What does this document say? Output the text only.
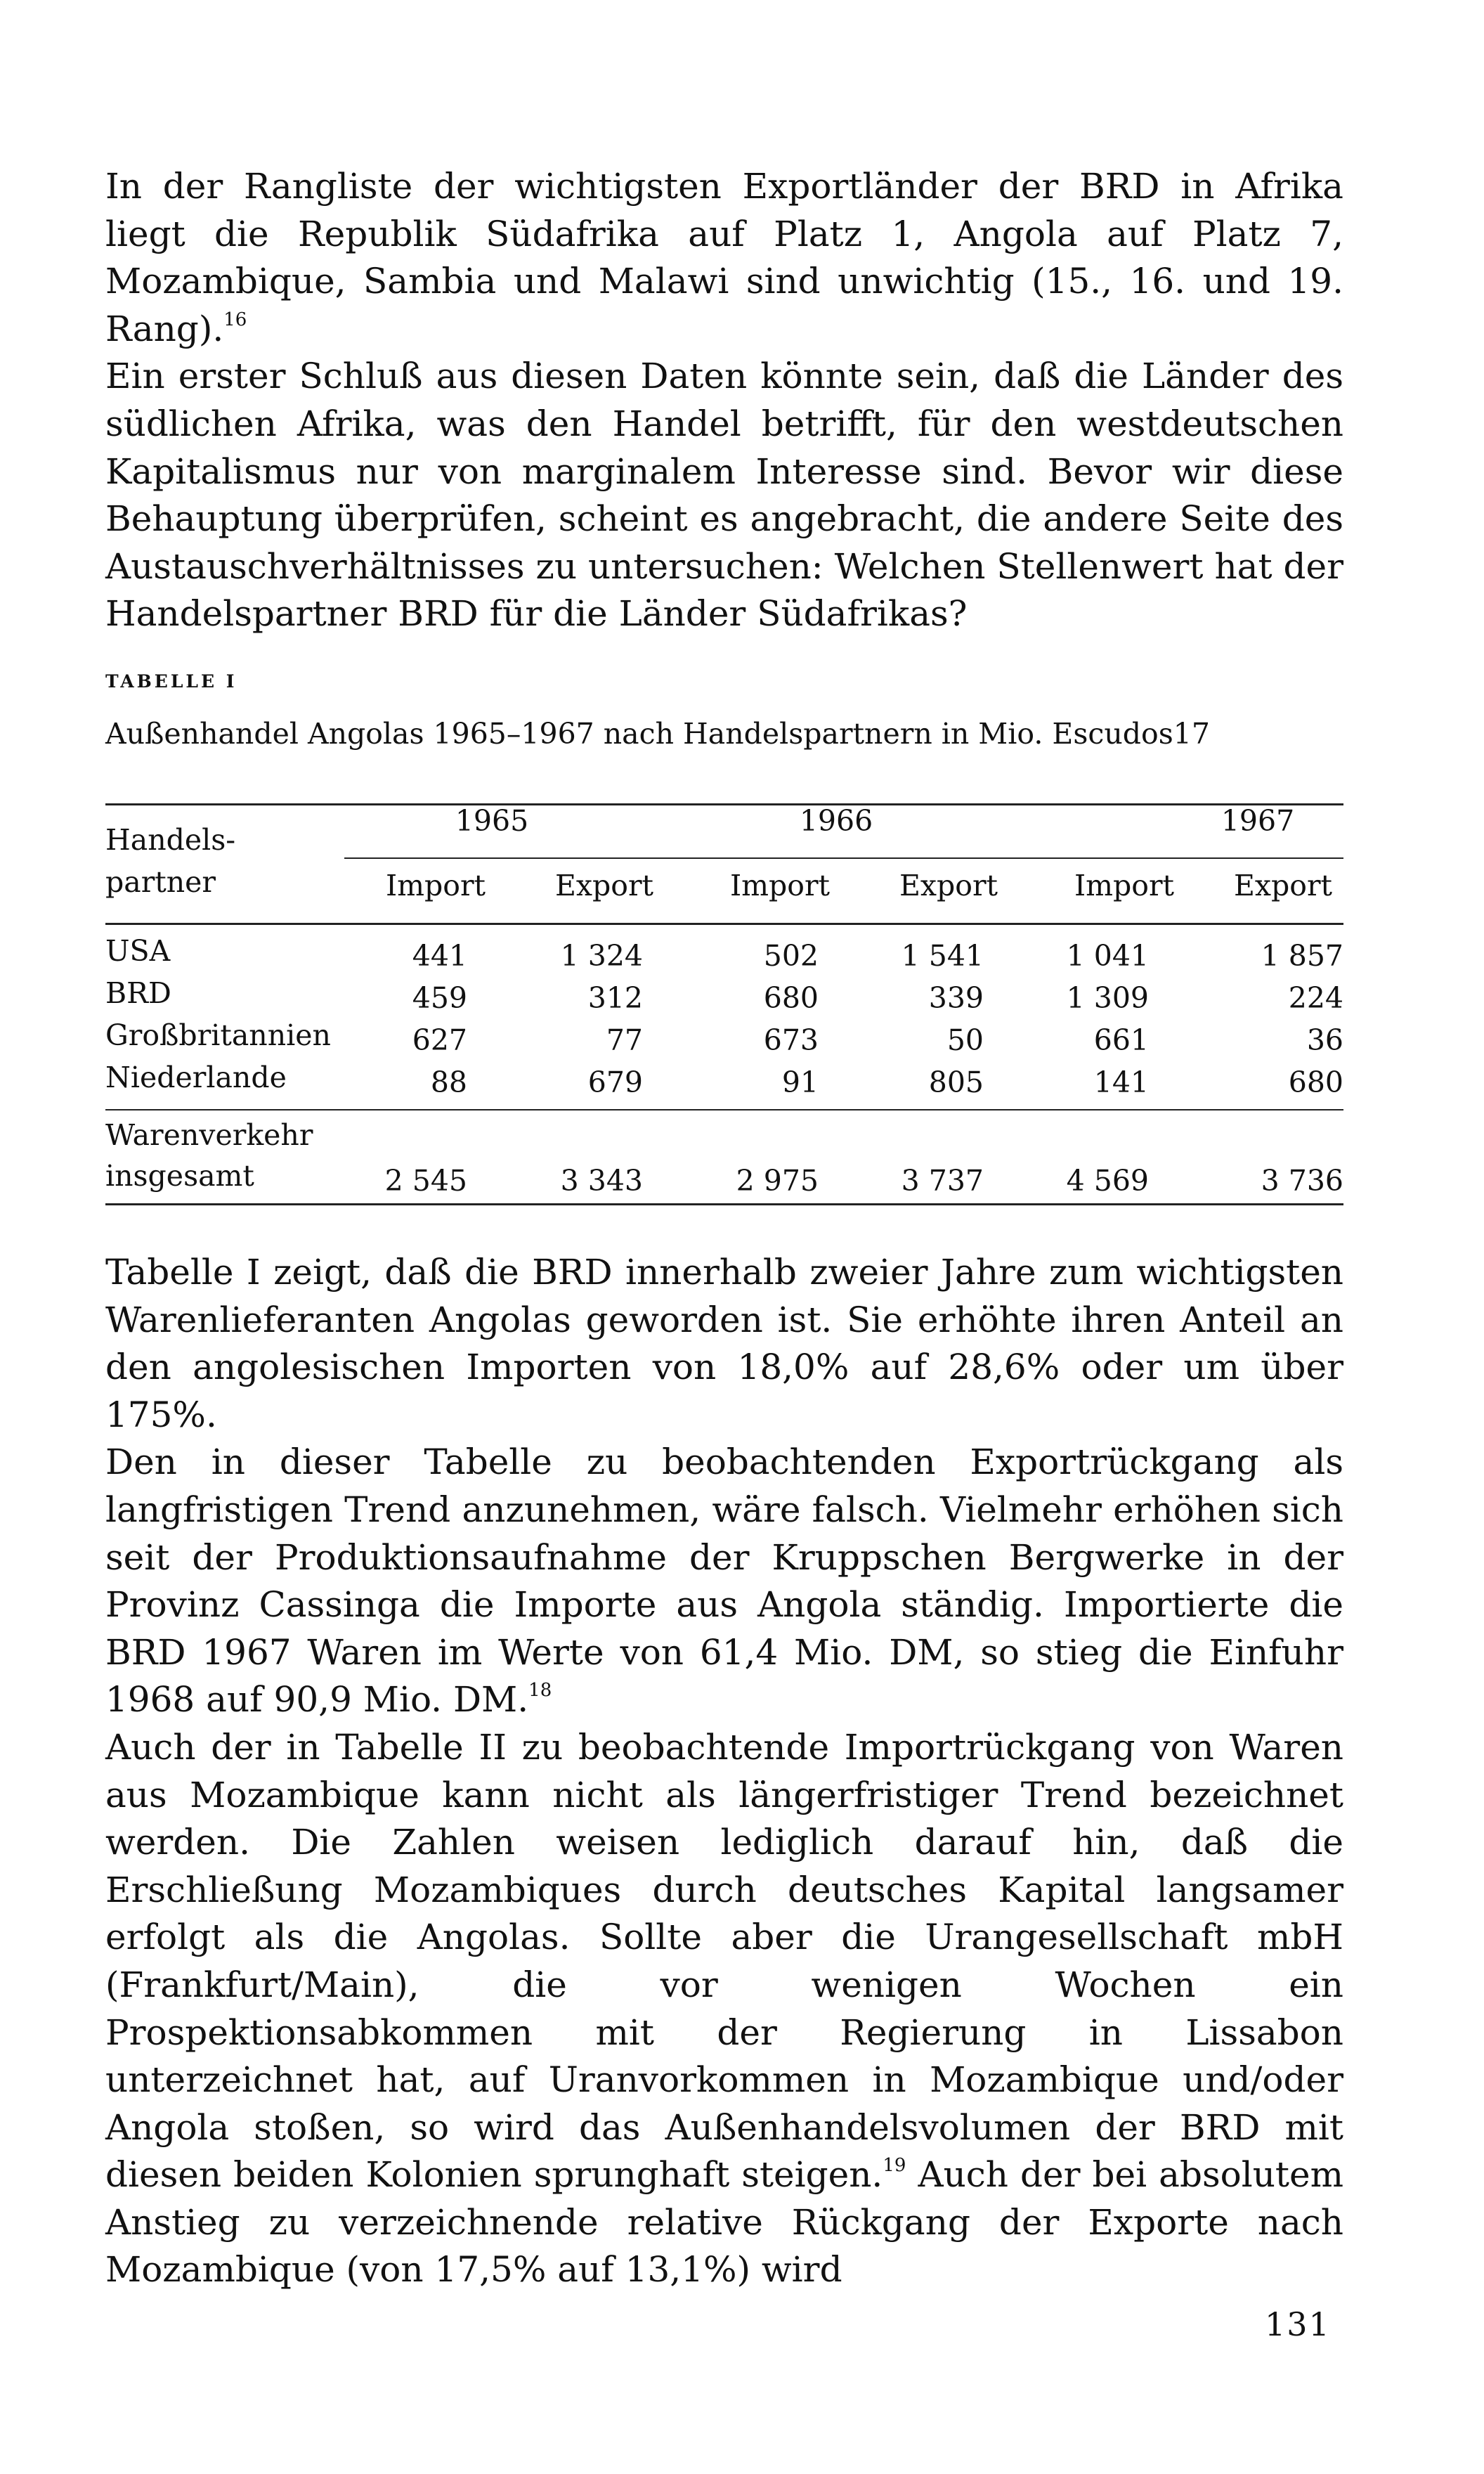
In der Rangliste der wichtigsten Exportländer der BRD in Afrika liegt die Republik Südafrika auf Platz 1, Angola auf Platz 7, Mozambique, Sambia und Malawi sind unwichtig (15., 16. und 19. Rang).$^{16}$

Ein erster Schluß aus diesen Daten könnte sein, daß die Länder des südlichen Afrika, was den Handel betrifft, für den westdeutschen Kapitalismus nur von marginalem Interesse sind. Bevor wir diese Behauptung überprüfen, scheint es angebracht, die andere Seite des Austauschverhältnisses zu untersuchen: Welchen Stellenwert hat der Handelspartner BRD für die Länder Südafrikas?

TABELLE I
Außenhandel Angolas 1965–1967 nach Handelspartnern in Mio. Escudos17
Handels-
partner
1965	1966	1967
Import	Export	Import	Export	Import	Export
USA	441	1 324	502	1 541	1 041	1 857
BRD	459	312	680	339	1 309	224
Großbritannien	627	77	673	50	661	36
Niederlande	88	679	91	805	141	680
Warenverkehr
insgesamt	2 545	3 343	2 975	3 737	4 569	3 736

Tabelle I zeigt, daß die BRD innerhalb zweier Jahre zum wichtigsten Warenlieferanten Angolas geworden ist. Sie erhöhte ihren Anteil an den angolesischen Importen von 18,0% auf 28,6% oder um über 175%.

Den in dieser Tabelle zu beobachtenden Exportrückgang als langfristigen Trend anzunehmen, wäre falsch. Vielmehr erhöhen sich seit der Produktionsaufnahme der Kruppschen Bergwerke in der Provinz Cassinga die Importe aus Angola ständig. Importierte die BRD 1967 Waren im Werte von 61,4 Mio. DM, so stieg die Einfuhr 1968 auf 90,9 Mio. DM.$^{18}$

Auch der in Tabelle II zu beobachtende Importrückgang von Waren aus Mozambique kann nicht als längerfristiger Trend bezeichnet werden. Die Zahlen weisen lediglich darauf hin, daß die Erschließung Mozambiques durch deutsches Kapital langsamer erfolgt als die Angolas. Sollte aber die Urangesellschaft mbH (Frankfurt/Main), die vor wenigen Wochen ein Prospektionsabkommen mit der Regierung in Lissabon unterzeichnet hat, auf Uranvorkommen in Mozambique und/oder Angola stoßen, so wird das Außenhandelsvolumen der BRD mit diesen beiden Kolonien sprunghaft steigen.$^{19}$ Auch der bei absolutem Anstieg zu verzeichnende relative Rückgang der Exporte nach Mozambique (von 17,5% auf 13,1%) wird

131
